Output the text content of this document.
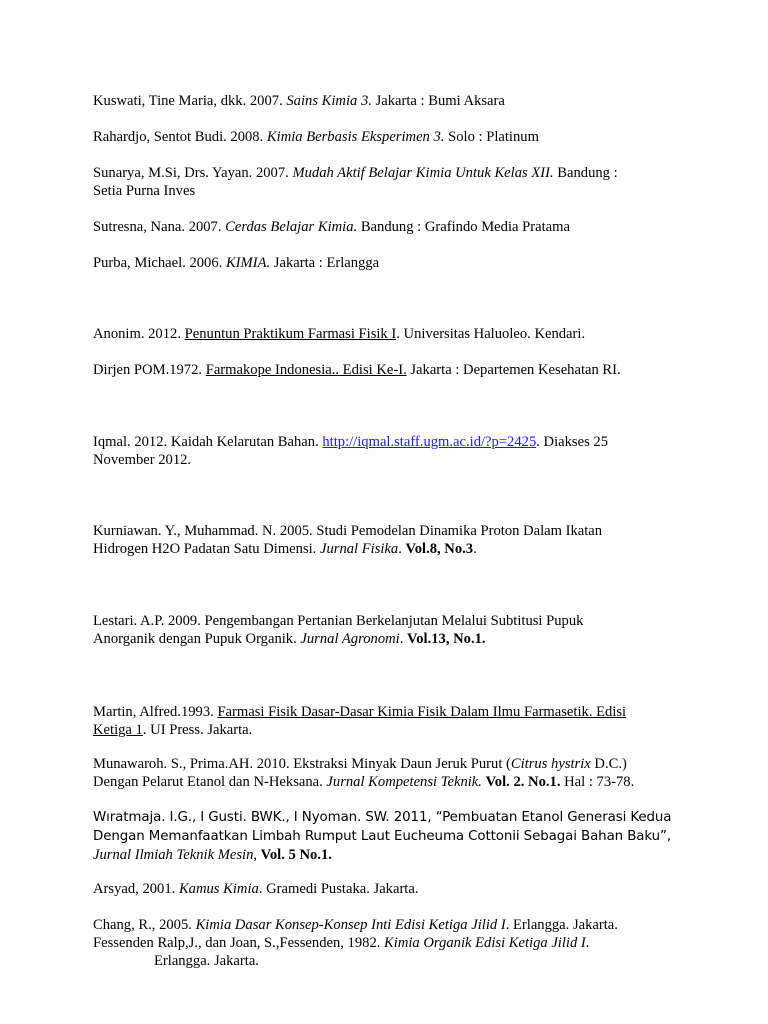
Kuswati, Tine Maria, dkk. 2007. Sains Kimia 3. Jakarta : Bumi Aksara
Rahardjo, Sentot Budi. 2008. Kimia Berbasis Eksperimen 3. Solo : Platinum
Sunarya, M.Si, Drs. Yayan. 2007. Mudah Aktif Belajar Kimia Untuk Kelas XII. Bandung :
Setia Purna Inves
Sutresna, Nana. 2007. Cerdas Belajar Kimia. Bandung : Grafindo Media Pratama
Purba, Michael. 2006. KIMIA. Jakarta : Erlangga
Anonim. 2012. Penuntun Praktikum Farmasi Fisik I. Universitas Haluoleo. Kendari.
Dirjen POM.1972. Farmakope Indonesia.. Edisi Ke-I. Jakarta : Departemen Kesehatan RI.
Iqmal. 2012. Kaidah Kelarutan Bahan. http://iqmal.staff.ugm.ac.id/?p=2425. Diakses 25
November 2012.
Kurniawan. Y., Muhammad. N. 2005. Studi Pemodelan Dinamika Proton Dalam Ikatan
Hidrogen H2O Padatan Satu Dimensi. Jurnal Fisika. Vol.8, No.3.
Lestari. A.P. 2009. Pengembangan Pertanian Berkelanjutan Melalui Subtitusi Pupuk
Anorganik dengan Pupuk Organik. Jurnal Agronomi. Vol.13, No.1.
Martin, Alfred.1993. Farmasi Fisik Dasar-Dasar Kimia Fisik Dalam Ilmu Farmasetik. Edisi
Ketiga 1. UI Press. Jakarta.
Munawaroh. S., Prima.AH. 2010. Ekstraksi Minyak Daun Jeruk Purut (Citrus hystrix D.C.)
Dengan Pelarut Etanol dan N-Heksana. Jurnal Kompetensi Teknik. Vol. 2. No.1. Hal : 73-78.
Wıratmaja. I.G., I Gusti. BWK., I Nyoman. SW. 2011, “Pembuatan Etanol Generasi Kedua
Dengan Memanfaatkan Limbah Rumput Laut Eucheuma Cottonii Sebagai Bahan Baku”,
Jurnal Ilmiah Teknik Mesin, Vol. 5 No.1.
Arsyad, 2001. Kamus Kimia. Gramedi Pustaka. Jakarta.
Chang, R., 2005. Kimia Dasar Konsep-Konsep Inti Edisi Ketiga Jilid I. Erlangga. Jakarta.
Fessenden Ralp,J., dan Joan, S.,Fessenden, 1982. Kimia Organik Edisi Ketiga Jilid I.
Erlangga. Jakarta.
